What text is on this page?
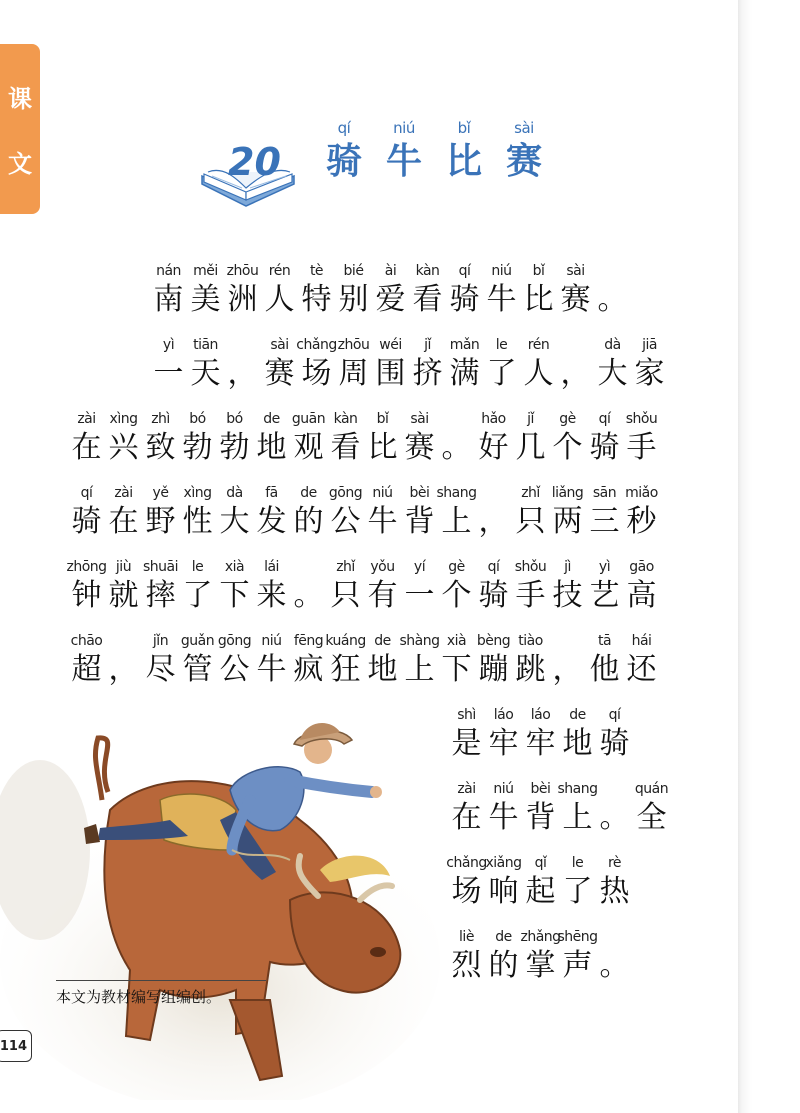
课
文	20
qí
骑
niú
牛
bǐ
比
sài
赛
nán
南
měi
美
zhōu
洲
rén
人
tè
特
bié
别
ài
爱
kàn
看
qí
骑
niú
牛
bǐ
比
sài
赛 。
yì
一
tiān
天 ，
sài
赛
chǎng
场
zhōu
周
wéi
围
jǐ
挤
mǎn
满
le
了
rén
人 ，
dà
大
jiā
家
zài
在
xìng
兴
zhì
致
bó
勃
bó
勃
de
地
guān
观
kàn
看
bǐ
比
sài
赛 。
hǎo
好
jǐ
几
gè
个
qí
骑
shǒu
手
qí
骑
zài
在
yě
野
xìng
性
dà
大
fā
发
de
的
gōng
公
niú
牛
bèi
背
shang
上 ，
zhǐ
只
liǎng
两
sān
三
miǎo
秒
zhōng
钟
jiù
就
shuāi
摔
le
了
xià
下
lái
来 。
zhǐ
只
yǒu
有
yí
一
gè
个
qí
骑
shǒu
手
jì
技
yì
艺
gāo
高
chāo
超 ，
jǐn
尽
guǎn
管
gōng
公
niú
牛
fēng
疯
kuáng
狂
de
地
shàng
上
xià
下
bèng
蹦
tiào
跳 ，
tā
他
hái
还
shì
是
láo
牢
láo
牢
de
地
qí
骑
zài
在
niú
牛
bèi
背
shang
上 。
quán
全
chǎng
场
xiǎng
响
qǐ
起
le
了
rè
热
liè
烈
de
的
zhǎng
掌
shēng
声 。
本文为教材编写组编创。
114
